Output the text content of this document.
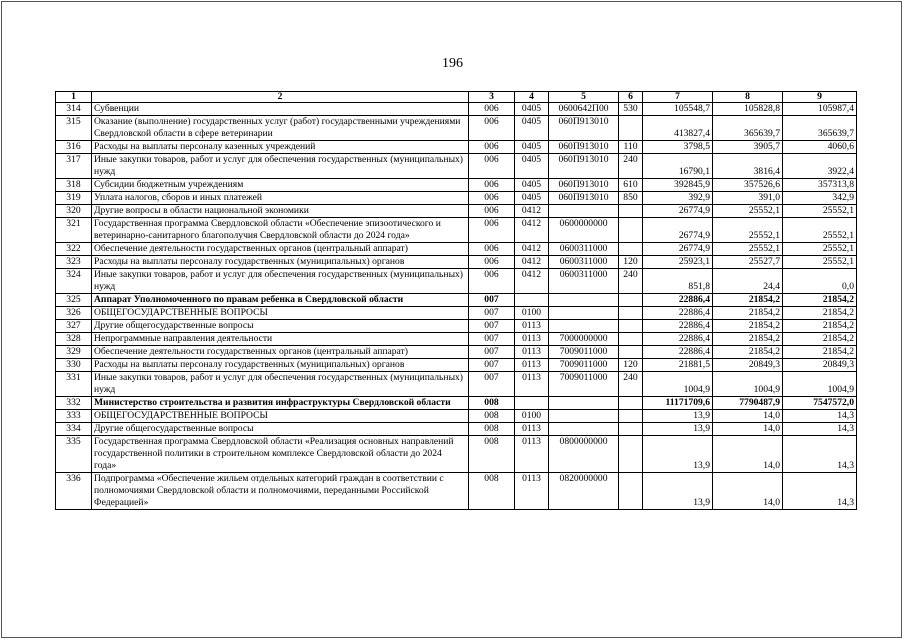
196
1	2	3	4	5	6	7	8	9
314	Субвенции	006	0405	0600642П00	530	105548,7	105828,8	105987,4
315	Оказание (выполнение) государственных услуг (работ) государственными учреждениями Свердловской области в сфере ветеринарии	006	0405	060П913010		413827,4	365639,7	365639,7
316	Расходы на выплаты персоналу казенных учреждений	006	0405	060П913010	110	3798,5	3905,7	4060,6
317	Иные закупки товаров, работ и услуг для обеспечения государственных (муниципальных) нужд	006	0405	060П913010	240	16790,1	3816,4	3922,4
318	Субсидии бюджетным учреждениям	006	0405	060П913010	610	392845,9	357526,6	357313,8
319	Уплата налогов, сборов и иных платежей	006	0405	060П913010	850	392,9	391,0	342,9
320	Другие вопросы в области национальной экономики	006	0412			26774,9	25552,1	25552,1
321	Государственная программа Свердловской области «Обеспечение эпизоотического и ветеринарно-санитарного благополучия Свердловской области до 2024 года»	006	0412	0600000000		26774,9	25552,1	25552,1
322	Обеспечение деятельности государственных органов (центральный аппарат)	006	0412	0600311000		26774,9	25552,1	25552,1
323	Расходы на выплаты персоналу государственных (муниципальных) органов	006	0412	0600311000	120	25923,1	25527,7	25552,1
324	Иные закупки товаров, работ и услуг для обеспечения государственных (муниципальных) нужд	006	0412	0600311000	240	851,8	24,4	0,0
325	Аппарат Уполномоченного по правам ребенка в Свердловской области	007				22886,4	21854,2	21854,2
326	ОБЩЕГОСУДАРСТВЕННЫЕ ВОПРОСЫ	007	0100			22886,4	21854,2	21854,2
327	Другие общегосударственные вопросы	007	0113			22886,4	21854,2	21854,2
328	Непрограммные направления деятельности	007	0113	7000000000		22886,4	21854,2	21854,2
329	Обеспечение деятельности государственных органов (центральный аппарат)	007	0113	7009011000		22886,4	21854,2	21854,2
330	Расходы на выплаты персоналу государственных (муниципальных) органов	007	0113	7009011000	120	21881,5	20849,3	20849,3
331	Иные закупки товаров, работ и услуг для обеспечения государственных (муниципальных) нужд	007	0113	7009011000	240	1004,9	1004,9	1004,9
332	Министерство строительства и развития инфраструктуры Свердловской области	008				11171709,6	7790487,9	7547572,0
333	ОБЩЕГОСУДАРСТВЕННЫЕ ВОПРОСЫ	008	0100			13,9	14,0	14,3
334	Другие общегосударственные вопросы	008	0113			13,9	14,0	14,3
335	Государственная программа Свердловской области «Реализация основных направлений государственной политики в строительном комплексе Свердловской области до 2024 года»	008	0113	0800000000		13,9	14,0	14,3
336	Подпрограмма «Обеспечение жильем отдельных категорий граждан в соответствии с полномочиями Свердловской области и полномочиями, переданными Российской Федерацией»	008	0113	0820000000		13,9	14,0	14,3
